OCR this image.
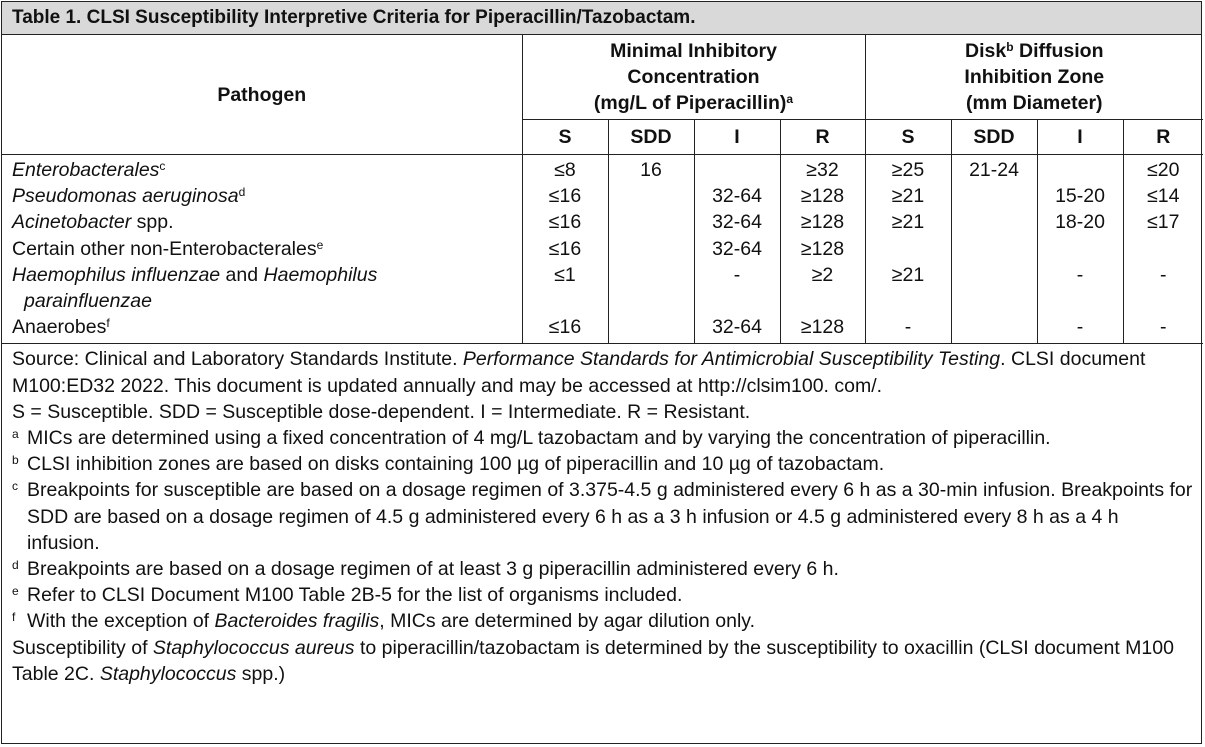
Table 1. CLSI Susceptibility Interpretive Criteria for Piperacillin/Tazobactam.
Pathogen	Minimal Inhibitory
Concentration
(mg/L of Piperacillin)$^a$				Disk$^b$ Diffusion
Inhibition Zone
(mm Diameter)			
	S	SDD	I	R	S	SDD	I	R
Enterobacterales$^c$	≤8	16		≥32	≥25	21-24		≤20
Pseudomonas aeruginosa$^d$	≤16		32-64	≥128	≥21		15-20	≤14
Acinetobacter spp.	≤16		32-64	≥128	≥21		18-20	≤17
Certain other non-Enterobacterales$^e$	≤16		32-64	≥128				
Haemophilus influenzae and Haemophilus
parainfluenzae	≤1		-	≥2	≥21		-	-
Anaerobes$^f$	≤16		32-64	≥128	-		-	-

Source: Clinical and Laboratory Standards Institute. Performance Standards for Antimicrobial Susceptibility Testing. CLSI document M100:ED32 2022. This document is updated annually and may be accessed at http://clsim100. com/.

S = Susceptible. SDD = Susceptible dose-dependent. I = Intermediate. R = Resistant.

$^a$ MICs are determined using a fixed concentration of 4 mg/L tazobactam and by varying the concentration of piperacillin.

$^b$ CLSI inhibition zones are based on disks containing 100 µg of piperacillin and 10 µg of tazobactam.

$^c$ Breakpoints for susceptible are based on a dosage regimen of 3.375-4.5 g administered every 6 h as a 30-min infusion. Breakpoints for SDD are based on a dosage regimen of 4.5 g administered every 6 h as a 3 h infusion or 4.5 g administered every 8 h as a 4 h infusion.

$^d$ Breakpoints are based on a dosage regimen of at least 3 g piperacillin administered every 6 h.

$^e$ Refer to CLSI Document M100 Table 2B-5 for the list of organisms included.

$^f$ With the exception of Bacteroides fragilis, MICs are determined by agar dilution only.

Susceptibility of Staphylococcus aureus to piperacillin/tazobactam is determined by the susceptibility to oxacillin (CLSI document M100 Table 2C. Staphylococcus spp.)
